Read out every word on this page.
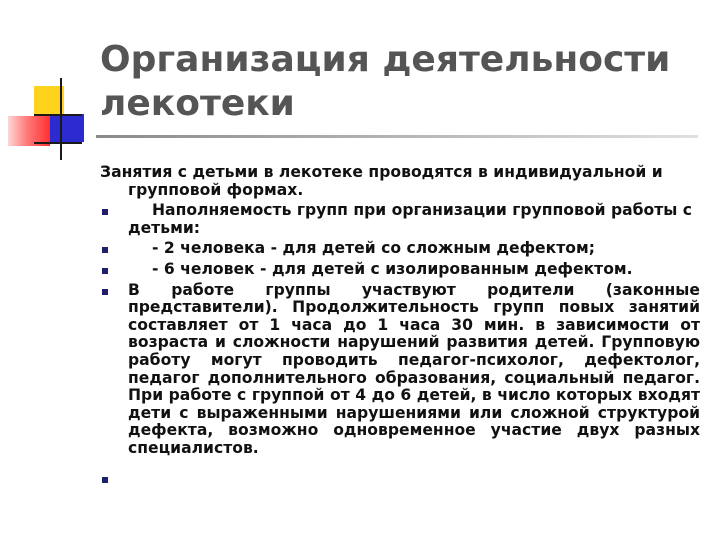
Организация деятельности лекотеки
Занятия с детьми в лекотеке проводятся в индивидуальной и групповой формах.
Наполняемость групп при организации групповой работы с детьми:
- 2 человека - для детей со сложным дефектом;
- 6 человек - для детей с изолированным дефектом.
В работе группы участвуют родители (законные представители). Продолжительность групп повых занятий составляет от 1 часа до 1 часа 30 мин. в зависимости от возраста и сложности нарушений развития детей. Групповую работу могут проводить педагог-психолог, дефектолог, педагог дополнительного образования, социальный педагог. При работе с группой от 4 до 6 детей, в число которых входят дети с выраженными нарушениями или сложной структурой дефекта, возможно одновременное участие двух разных специалистов.
